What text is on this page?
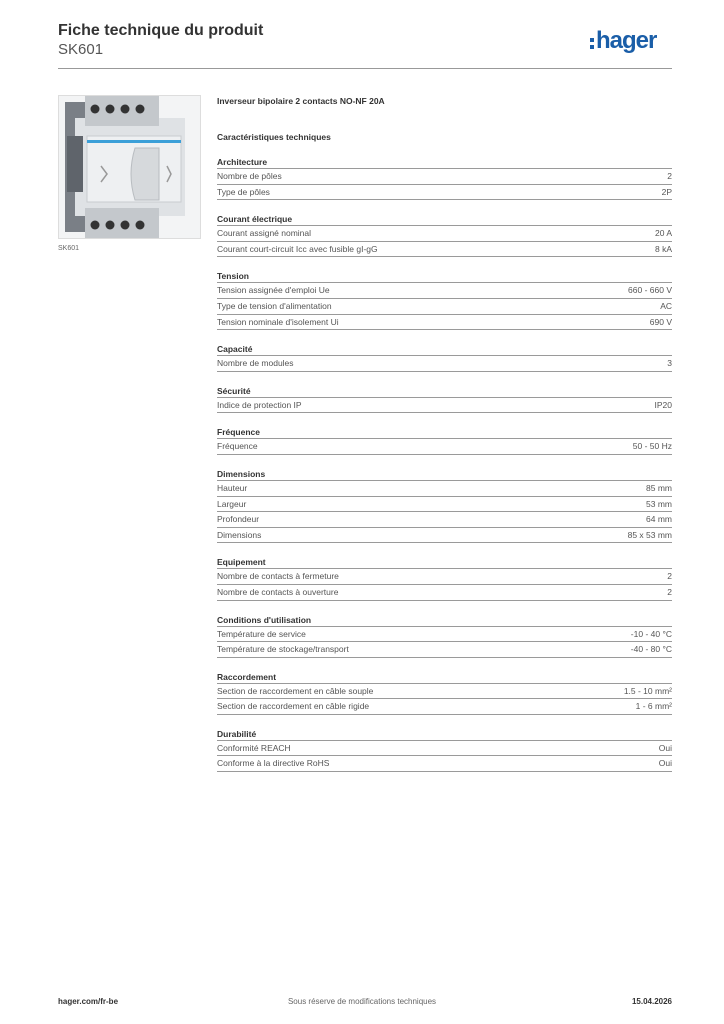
Fiche technique du produit
SK601	hager
SK601
Inverseur bipolaire 2 contacts NO-NF 20A
Caractéristiques techniques
Architecture
Nombre de pôles	2
Type de pôles	2P
Courant électrique
Courant assigné nominal	20 A
Courant court-circuit Icc avec fusible gI-gG	8 kA
Tension
Tension assignée d'emploi Ue	660 - 660 V
Type de tension d'alimentation	AC
Tension nominale d'isolement Ui	690 V
Capacité
Nombre de modules	3
Sécurité
Indice de protection IP	IP20
Fréquence
Fréquence	50 - 50 Hz
Dimensions
Hauteur	85 mm
Largeur	53 mm
Profondeur	64 mm
Dimensions	85 x 53 mm
Equipement
Nombre de contacts à fermeture	2
Nombre de contacts à ouverture	2
Conditions d'utilisation
Température de service	-10 - 40 °C
Température de stockage/transport	-40 - 80 °C
Raccordement
Section de raccordement en câble souple	1.5 - 10 mm²
Section de raccordement en câble rigide	1 - 6 mm²
Durabilité
Conformité REACH	Oui
Conforme à la directive RoHS	Oui
hager.com/fr-be	Sous réserve de modifications techniques	15.04.2026
